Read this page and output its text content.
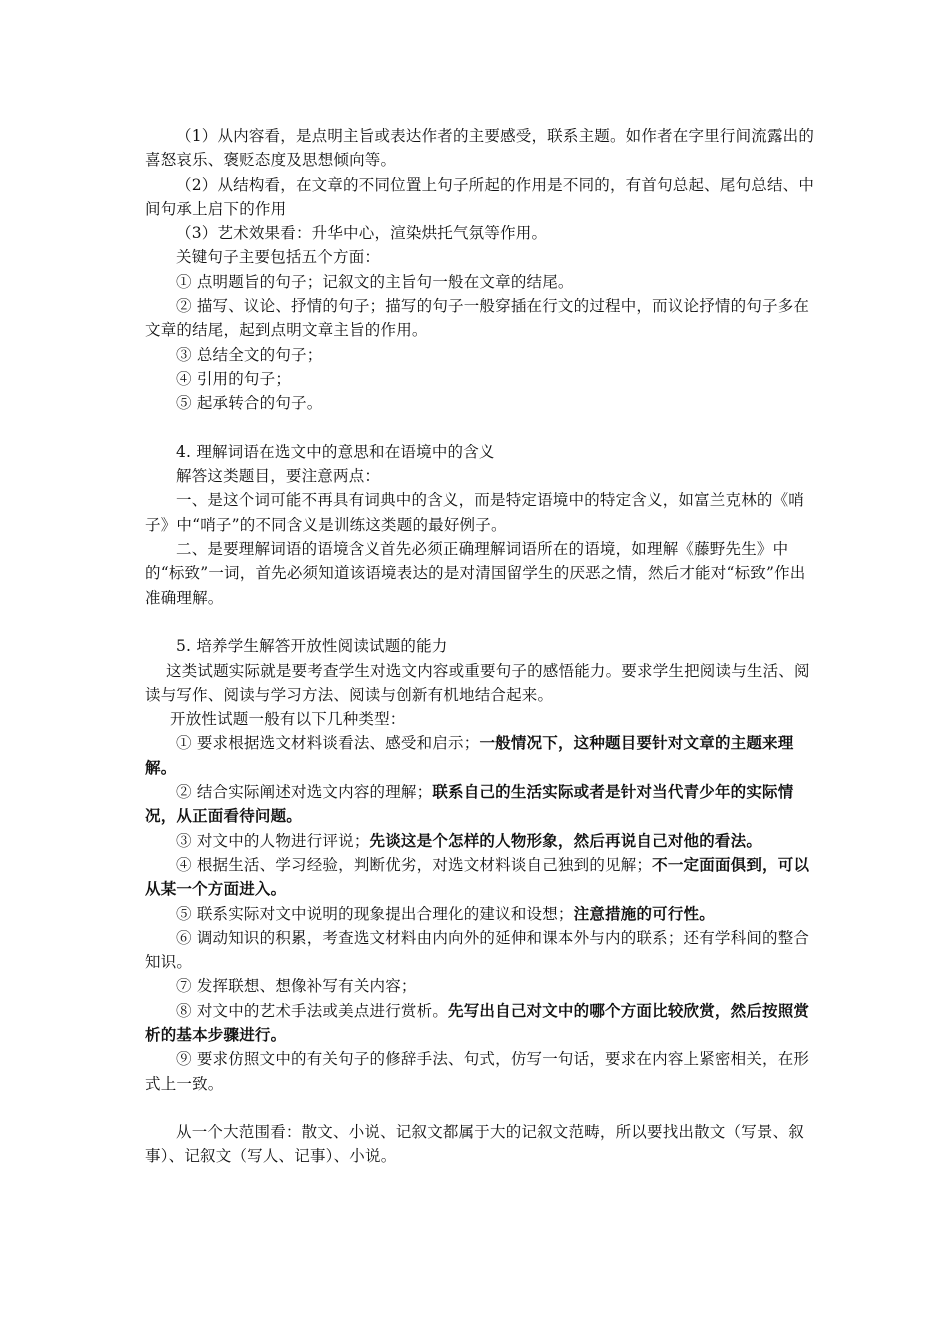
（1）从内容看，是点明主旨或表达作者的主要感受，联系主题。如作者在字里行间流露出的喜怒哀乐、褒贬态度及思想倾向等。

（2）从结构看，在文章的不同位置上句子所起的作用是不同的，有首句总起、尾句总结、中间句承上启下的作用

（3）艺术效果看：升华中心，渲染烘托气氛等作用。

关键句子主要包括五个方面：

① 点明题旨的句子；记叙文的主旨句一般在文章的结尾。

② 描写、议论、抒情的句子；描写的句子一般穿插在行文的过程中，而议论抒情的句子多在文章的结尾，起到点明文章主旨的作用。

③ 总结全文的句子；

④ 引用的句子；

⑤ 起承转合的句子。

4. 理解词语在选文中的意思和在语境中的含义

解答这类题目，要注意两点：

一、是这个词可能不再具有词典中的含义，而是特定语境中的特定含义，如富兰克林的《哨子》中“哨子”的不同含义是训练这类题的最好例子。

二、是要理解词语的语境含义首先必须正确理解词语所在的语境，如理解《藤野先生》中的“标致”一词，首先必须知道该语境表达的是对清国留学生的厌恶之情，然后才能对“标致”作出准确理解。

5. 培养学生解答开放性阅读试题的能力

这类试题实际就是要考查学生对选文内容或重要句子的感悟能力。要求学生把阅读与生活、阅读与写作、阅读与学习方法、阅读与创新有机地结合起来。

开放性试题一般有以下几种类型：

① 要求根据选文材料谈看法、感受和启示；一般情况下，这种题目要针对文章的主题来理解。

② 结合实际阐述对选文内容的理解；联系自己的生活实际或者是针对当代青少年的实际情况，从正面看待问题。

③ 对文中的人物进行评说；先谈这是个怎样的人物形象，然后再说自己对他的看法。

④ 根据生活、学习经验，判断优劣，对选文材料谈自己独到的见解；不一定面面俱到，可以从某一个方面进入。

⑤ 联系实际对文中说明的现象提出合理化的建议和设想；注意措施的可行性。

⑥ 调动知识的积累，考查选文材料由内向外的延伸和课本外与内的联系；还有学科间的整合知识。

⑦ 发挥联想、想像补写有关内容；

⑧ 对文中的艺术手法或美点进行赏析。先写出自己对文中的哪个方面比较欣赏，然后按照赏析的基本步骤进行。

⑨ 要求仿照文中的有关句子的修辞手法、句式，仿写一句话，要求在内容上紧密相关，在形式上一致。

从一个大范围看：散文、小说、记叙文都属于大的记叙文范畴，所以要找出散文（写景、叙事）、记叙文（写人、记事）、小说。
